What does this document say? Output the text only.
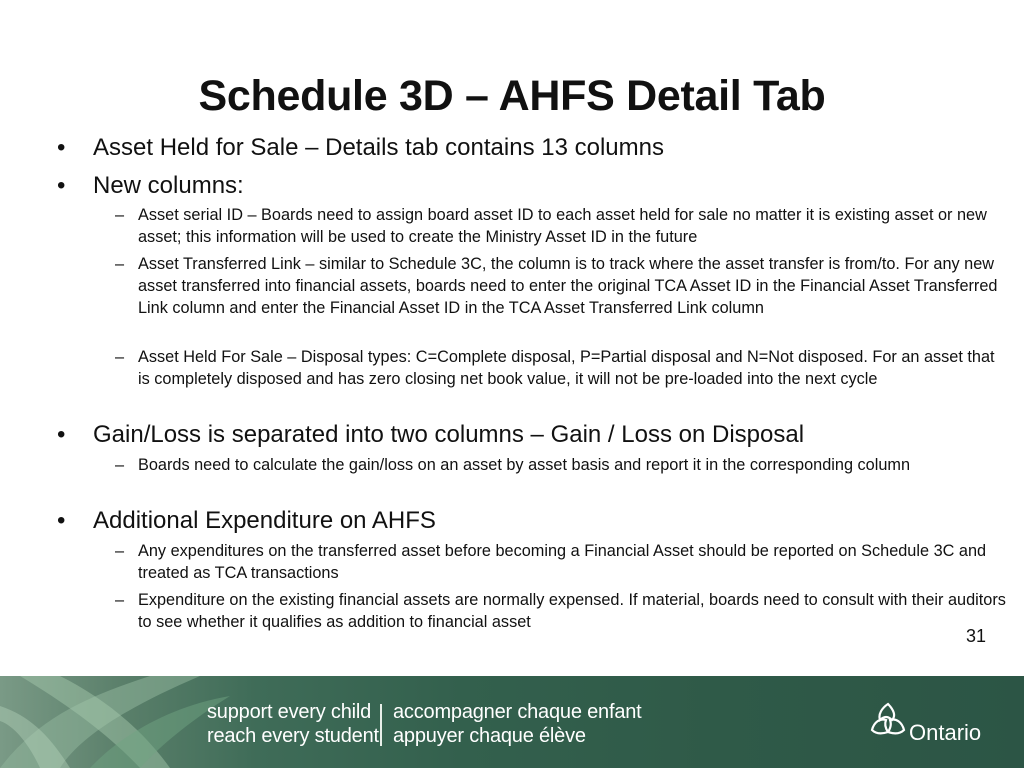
Schedule 3D – AHFS Detail Tab
• Asset Held for Sale – Details tab contains 13 columns
• New columns:
– Asset serial ID – Boards need to assign board asset ID to each asset held for sale no matter it is existing asset or new asset; this information will be used to create the Ministry Asset ID in the future
– Asset Transferred Link – similar to Schedule 3C, the column is to track where the asset transfer is from/to. For any new asset transferred into financial assets, boards need to enter the original TCA Asset ID in the Financial Asset Transferred Link column and enter the Financial Asset ID in the TCA Asset Transferred Link column
– Asset Held For Sale – Disposal types: C=Complete disposal, P=Partial disposal and N=Not disposed. For an asset that is completely disposed and has zero closing net book value, it will not be pre-loaded into the next cycle
• Gain/Loss is separated into two columns – Gain / Loss on Disposal
– Boards need to calculate the gain/loss on an asset by asset basis and report it in the corresponding column
• Additional Expenditure on AHFS
– Any expenditures on the transferred asset before becoming a Financial Asset should be reported on Schedule 3C and treated as TCA transactions
– Expenditure on the existing financial assets are normally expensed. If material, boards need to consult with their auditors to see whether it qualifies as addition to financial asset
31
support every child
reach every student
accompagner chaque enfant
appuyer chaque élève	Ontario
